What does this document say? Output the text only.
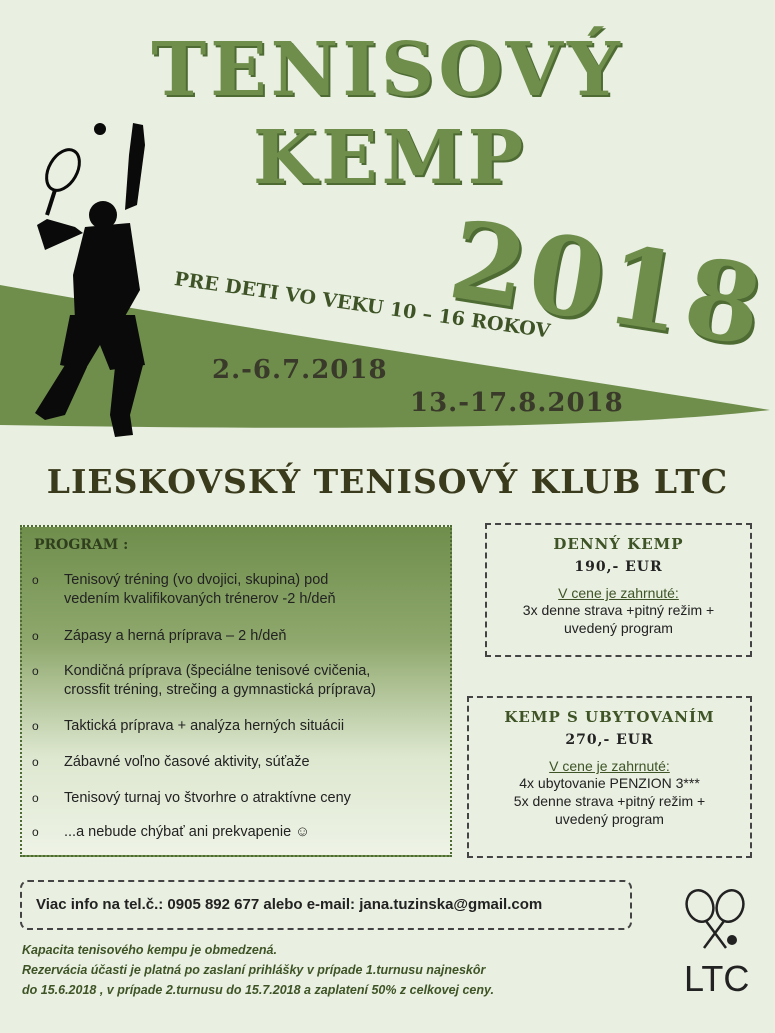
TENISOVÝ
KEMP
2018
PRE DETI VO VEKU 10 – 16 ROKOV
2.-6.7.2018
13.-17.8.2018
LIESKOVSKÝ TENISOVÝ KLUB LTC
PROGRAM :
o Tenisový tréning (vo dvojici, skupina) pod
vedením kvalifikovaných trénerov -2 h/deň
o Zápasy a herná príprava – 2 h/deň
o Kondičná príprava (špeciálne tenisové cvičenia,
crossfit tréning, strečing a gymnastická príprava)
o Taktická príprava + analýza herných situácii
o Zábavné voľno časové aktivity, súťaže
o Tenisový turnaj vo štvorhre o atraktívne ceny
o ...a nebude chýbať ani prekvapenie ☺
DENNÝ KEMP
190,- EUR
V cene je zahrnuté:
3x denne strava +pitný režim +
uvedený program
KEMP S UBYTOVANÍM
270,- EUR
V cene je zahrnuté:
4x ubytovanie PENZION 3***
5x denne strava +pitný režim +
uvedený program
Viac info na tel.č.: 0905 892 677 alebo e-mail: jana.tuzinska@gmail.com
Kapacita tenisového kempu je obmedzená.
Rezervácia účasti je platná po zaslaní prihlášky v prípade 1.turnusu najneskôr
do 15.6.2018 , v prípade 2.turnusu do 15.7.2018 a zaplatení 50% z celkovej ceny.	LTC
